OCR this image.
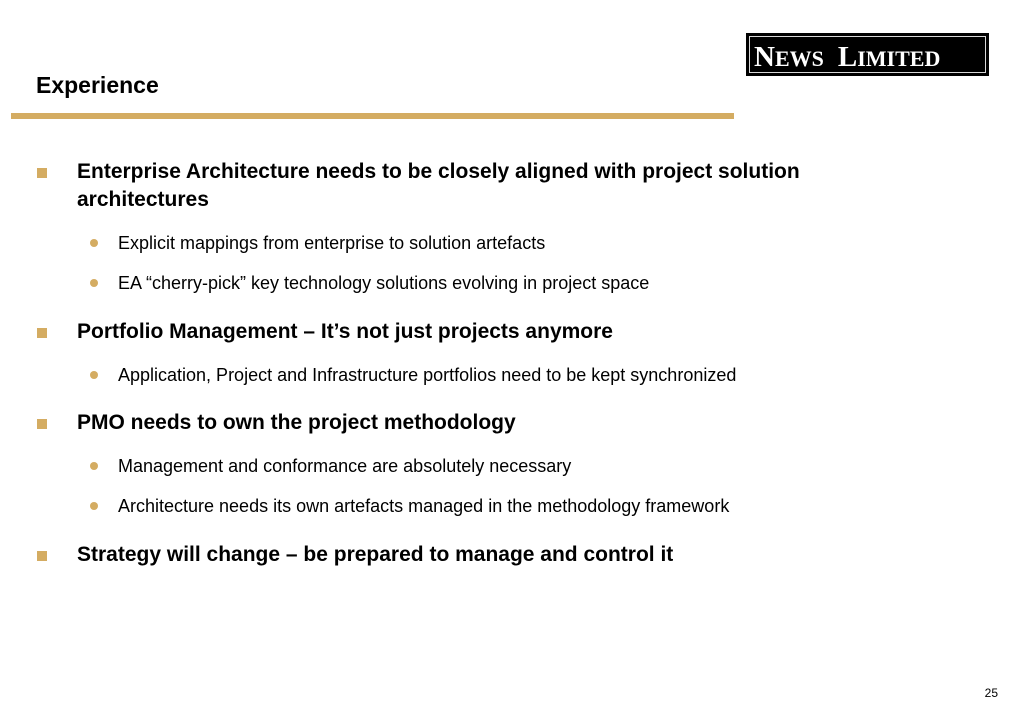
Experience
NEWS LIMITED
Enterprise Architecture needs to be closely aligned with project solution architectures
Explicit mappings from enterprise to solution artefacts
EA “cherry-pick” key technology solutions evolving in project space
Portfolio Management – It’s not just projects anymore
Application, Project and Infrastructure portfolios need to be kept synchronized
PMO needs to own the project methodology
Management and conformance are absolutely necessary
Architecture needs its own artefacts managed in the methodology framework
Strategy will change – be prepared to manage and control it
25
